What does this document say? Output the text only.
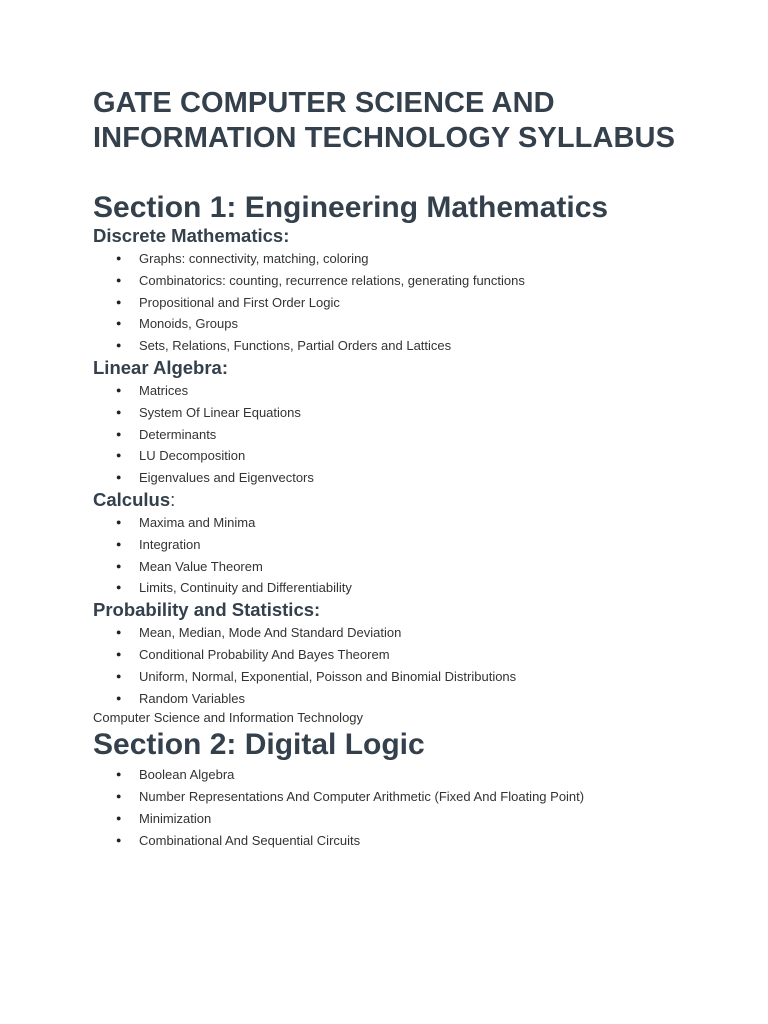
GATE COMPUTER SCIENCE AND INFORMATION TECHNOLOGY SYLLABUS
Section 1: Engineering Mathematics
Discrete Mathematics:
● Graphs: connectivity, matching, coloring
● Combinatorics: counting, recurrence relations, generating functions
● Propositional and First Order Logic
● Monoids, Groups
● Sets, Relations, Functions, Partial Orders and Lattices
Linear Algebra:
● Matrices
● System Of Linear Equations
● Determinants
● LU Decomposition
● Eigenvalues and Eigenvectors
Calculus:
● Maxima and Minima
● Integration
● Mean Value Theorem
● Limits, Continuity and Differentiability
Probability and Statistics:
● Mean, Median, Mode And Standard Deviation
● Conditional Probability And Bayes Theorem
● Uniform, Normal, Exponential, Poisson and Binomial Distributions
● Random Variables

Computer Science and Information Technology

Section 2: Digital Logic
● Boolean Algebra
● Number Representations And Computer Arithmetic (Fixed And Floating Point)
● Minimization
● Combinational And Sequential Circuits
